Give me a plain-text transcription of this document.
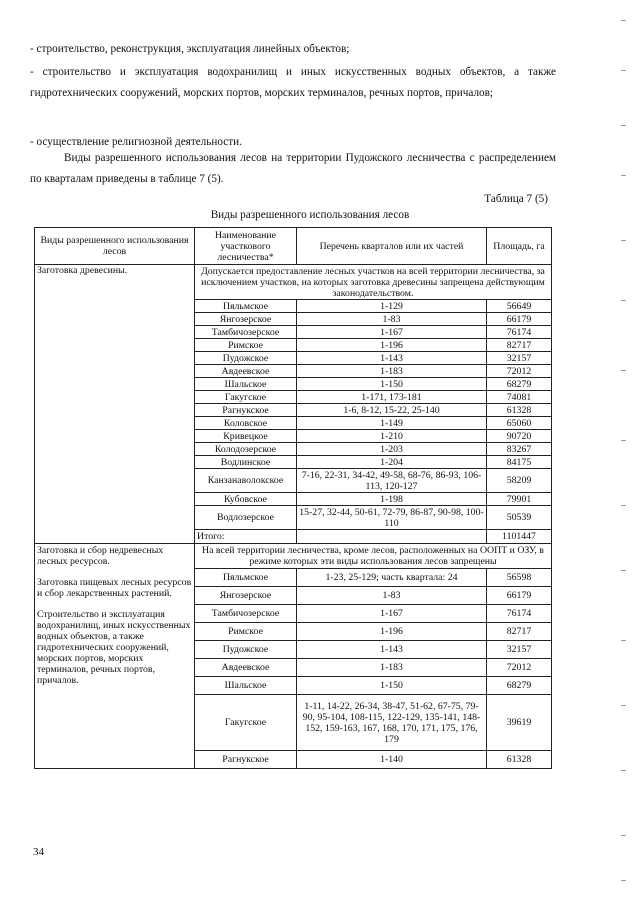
- строительство, реконструкция, эксплуатация линейных объектов;
- строительство и эксплуатация водохранилищ и иных искусственных водных объектов, а также гидротехнических сооружений, морских портов, морских терминалов, речных портов, причалов;
- осуществление религиозной деятельности.
Виды разрешенного использования лесов на территории Пудожского лесничества с распределением по кварталам приведены в таблице 7 (5).
Таблица 7 (5)
Виды разрешенного использования лесов
Виды разрешенного использования лесов	Наименование участкового лесничества*	Перечень кварталов или их частей	Площадь, га
Заготовка древесины.	Допускается предоставление лесных участков на всей территории лесничества, за исключением участков, на которых заготовка древесины запрещена действующим законодательством.		
	Пяльмское	1-129	56649
	Янгозерское	1-83	66179
	Тамбичозерское	1-167	76174
	Римское	1-196	82717
	Пудожское	1-143	32157
	Авдеевское	1-183	72012
	Шальское	1-150	68279
	Гакугское	1-171, 173-181	74081
	Рагнукское	1-6, 8-12, 15-22, 25-140	61328
	Коловское	1-149	65060
	Кривецкое	1-210	90720
	Колодозерское	1-203	83267
	Водлинское	1-204	84175
	Канзанаволокское	7-16, 22-31, 34-42, 49-58, 68-76, 86-93, 106-113, 120-127	58209
	Кубовское	1-198	79901
	Водлозерское	15-27, 32-44, 50-61, 72-79, 86-87, 90-98, 100-110	50539
	Итого:		1101447

Заготовка и сбор недревесных лесных ресурсов.

Заготовка пищевых лесных ресурсов и сбор лекарственных растений.

Строительство и эксплуатация водохранилищ, иных искусственных водных объектов, а также гидротехнических сооружений, морских портов, морских терминалов, речных портов, причалов.	На всей территории лесничества, кроме лесов, расположенных на ООПТ и ОЗУ, в режиме которых эти виды использования лесов запрещены		
	Пяльмское	1-23, 25-129; часть квартала: 24	56598
	Янгозерское	1-83	66179
	Тамбичозерское	1-167	76174
	Римское	1-196	82717
	Пудожское	1-143	32157
	Авдеевское	1-183	72012
	Шальское	1-150	68279
	Гакугское	1-11, 14-22, 26-34, 38-47, 51-62, 67-75, 79-90, 95-104, 108-115, 122-129, 135-141, 148-152, 159-163, 167, 168, 170, 171, 175, 176, 179	39619
	Рагнукское	1-140	61328
34
